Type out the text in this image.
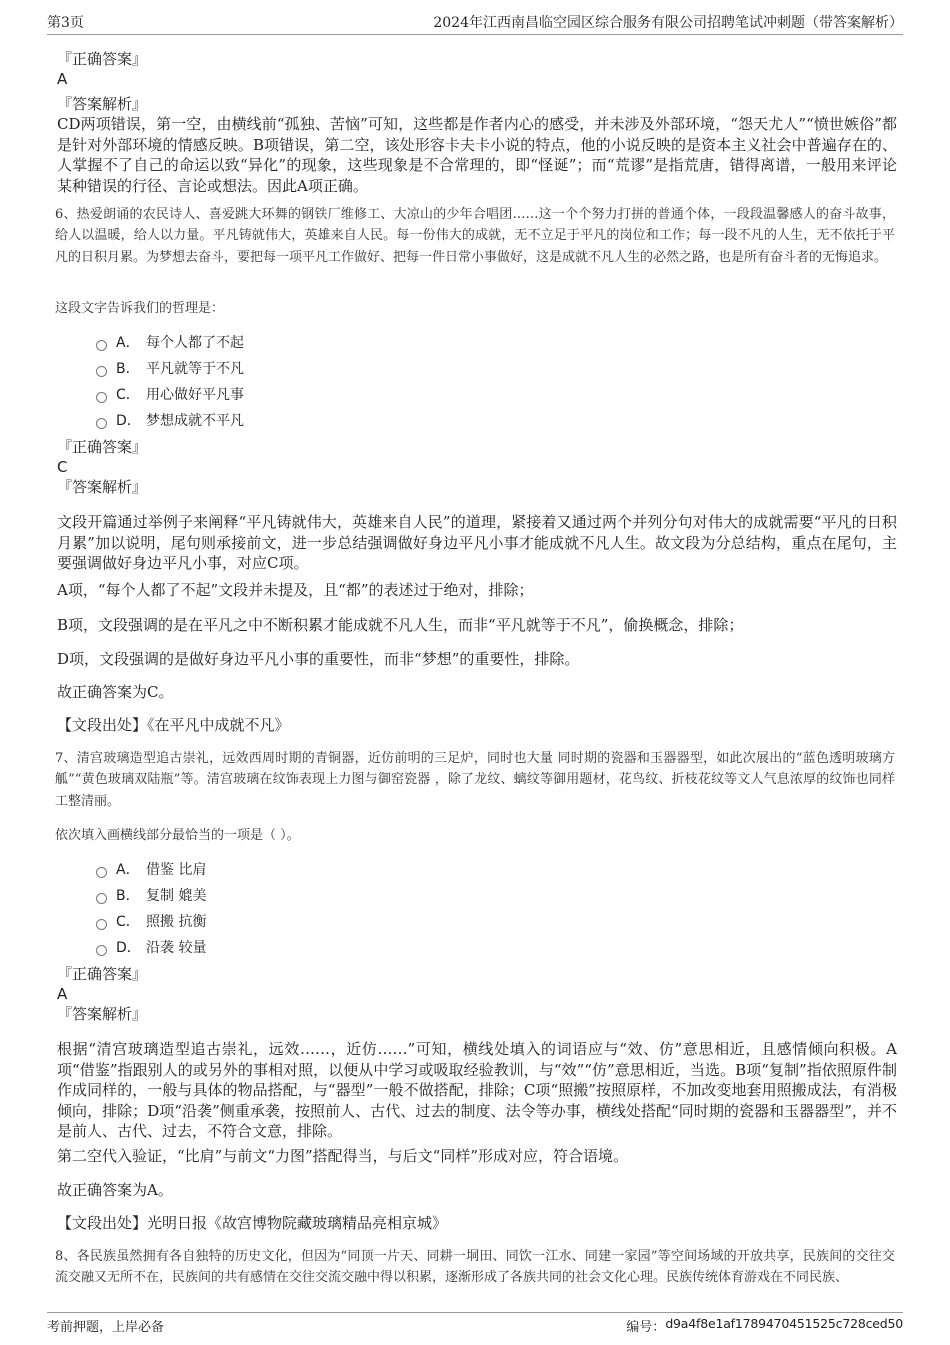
第3页	2024年江西南昌临空园区综合服务有限公司招聘笔试冲刺题（带答案解析）
『正确答案』
A
『答案解析』
CD两项错误，第一空，由横线前“孤独、苦恼”可知，这些都是作者内心的感受，并未涉及外部环境，“怨天尤人”“愤世嫉俗”都是针对外部环境的情感反映。B项错误，第二空，该处形容卡夫卡小说的特点，他的小说反映的是资本主义社会中普遍存在的、人掌握不了自己的命运以致“异化”的现象，这些现象是不合常理的，即“怪诞”；而“荒谬”是指荒唐，错得离谱，一般用来评论某种错误的行径、言论或想法。因此A项正确。
6、热爱朗诵的农民诗人、喜爱跳大环舞的钢铁厂维修工、大凉山的少年合唱团……这一个个努力打拼的普通个体，一段段温馨感人的奋斗故事，给人以温暖，给人以力量。平凡铸就伟大，英雄来自人民。每一份伟大的成就，无不立足于平凡的岗位和工作；每一段不凡的人生，无不依托于平凡的日积月累。为梦想去奋斗，要把每一项平凡工作做好、把每一件日常小事做好，这是成就不凡人生的必然之路，也是所有奋斗者的无悔追求。
这段文字告诉我们的哲理是：
A． 每个人都了不起
B． 平凡就等于不凡
C． 用心做好平凡事
D． 梦想成就不平凡
『正确答案』
C
『答案解析』
文段开篇通过举例子来阐释“平凡铸就伟大，英雄来自人民”的道理，紧接着又通过两个并列分句对伟大的成就需要“平凡的日积月累”加以说明，尾句则承接前文，进一步总结强调做好身边平凡小事才能成就不凡人生。故文段为分总结构，重点在尾句，主要强调做好身边平凡小事，对应C项。
A项，“每个人都了不起”文段并未提及，且“都”的表述过于绝对，排除；
B项，文段强调的是在平凡之中不断积累才能成就不凡人生，而非“平凡就等于不凡”，偷换概念，排除；
D项，文段强调的是做好身边平凡小事的重要性，而非“梦想”的重要性，排除。
故正确答案为C。
【文段出处】《在平凡中成就不凡》
7、清宫玻璃造型追古崇礼，远效西周时期的青铜器，近仿前明的三足炉，同时也大量 同时期的瓷器和玉器器型，如此次展出的“蓝色透明玻璃方觚”“黄色玻璃双陆瓶”等。清宫玻璃在纹饰表现上力图与御窑瓷器 ，除了龙纹、螭纹等御用题材，花鸟纹、折枝花纹等文人气息浓厚的纹饰也同样工整清丽。
依次填入画横线部分最恰当的一项是（ ）。
A． 借鉴 比肩
B． 复制 媲美
C． 照搬 抗衡
D． 沿袭 较量
『正确答案』
A
『答案解析』
根据“清宫玻璃造型追古崇礼，远效……，近仿……”可知，横线处填入的词语应与“效、仿”意思相近，且感情倾向积极。A项“借鉴”指跟别人的或另外的事相对照，以便从中学习或吸取经验教训，与“效”“仿”意思相近，当选。B项“复制”指依照原件制作成同样的，一般与具体的物品搭配，与“器型”一般不做搭配，排除；C项“照搬”按照原样，不加改变地套用照搬成法，有消极倾向，排除；D项“沿袭”侧重承袭，按照前人、古代、过去的制度、法令等办事，横线处搭配“同时期的瓷器和玉器器型”，并不是前人、古代、过去，不符合文意，排除。
第二空代入验证，“比肩”与前文“力图”搭配得当，与后文“同样”形成对应，符合语境。
故正确答案为A。
【文段出处】光明日报《故宫博物院藏玻璃精品亮相京城》
8、各民族虽然拥有各自独特的历史文化，但因为“同顶一片天、同耕一垌田、同饮一江水、同建一家园”等空间场域的开放共享，民族间的交往交流交融又无所不在，民族间的共有感情在交往交流交融中得以积累，逐渐形成了各族共同的社会文化心理。民族传统体育游戏在不同民族、
考前押题，上岸必备	编号： d9a4f8e1af1789470451525c728ced50
